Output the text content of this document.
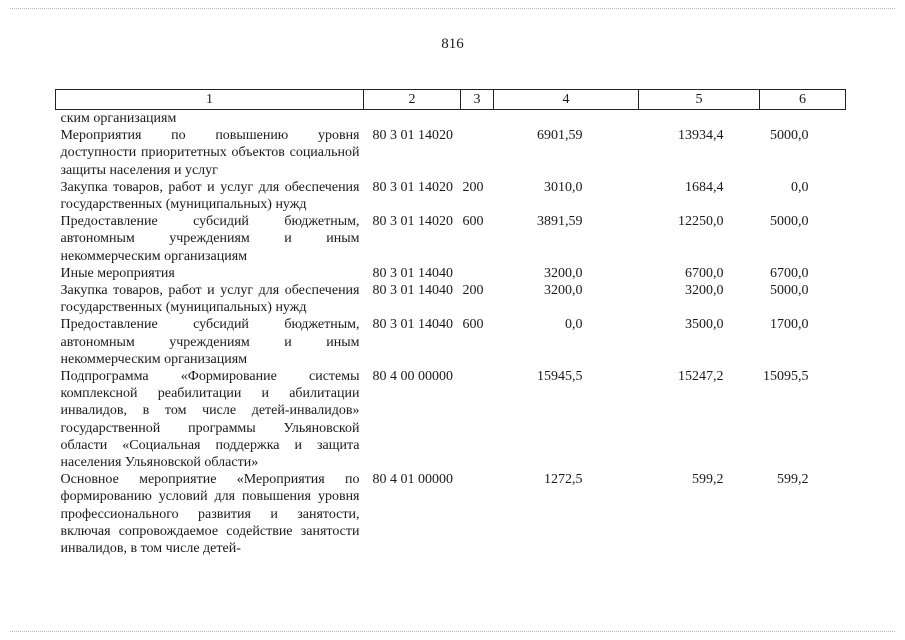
816
1	2	3	4	5	6
ским организациям					
Мероприятия по повышению уровня доступности приоритетных объектов социальной защиты населения и услуг	80 3 01 14020		6901,59	13934,4	5000,0
Закупка товаров, работ и услуг для обеспечения государственных (муниципальных) нужд	80 3 01 14020	200	3010,0	1684,4	0,0
Предоставление субсидий бюджетным, автономным учреждениям и иным некоммерческим организациям	80 3 01 14020	600	3891,59	12250,0	5000,0
Иные мероприятия	80 3 01 14040		3200,0	6700,0	6700,0
Закупка товаров, работ и услуг для обеспечения государственных (муниципальных) нужд	80 3 01 14040	200	3200,0	3200,0	5000,0
Предоставление субсидий бюджетным, автономным учреждениям и иным некоммерческим организациям	80 3 01 14040	600	0,0	3500,0	1700,0
Подпрограмма «Формирование системы комплексной реабилитации и абилитации инвалидов, в том числе детей-инвалидов» государственной программы Ульяновской области «Социальная поддержка и защита населения Ульяновской области»	80 4 00 00000		15945,5	15247,2	15095,5
Основное мероприятие «Мероприятия по формированию условий для повышения уровня профессионального развития и занятости, включая сопровождаемое содействие занятости инвалидов, в том числе детей-	80 4 01 00000		1272,5	599,2	599,2
